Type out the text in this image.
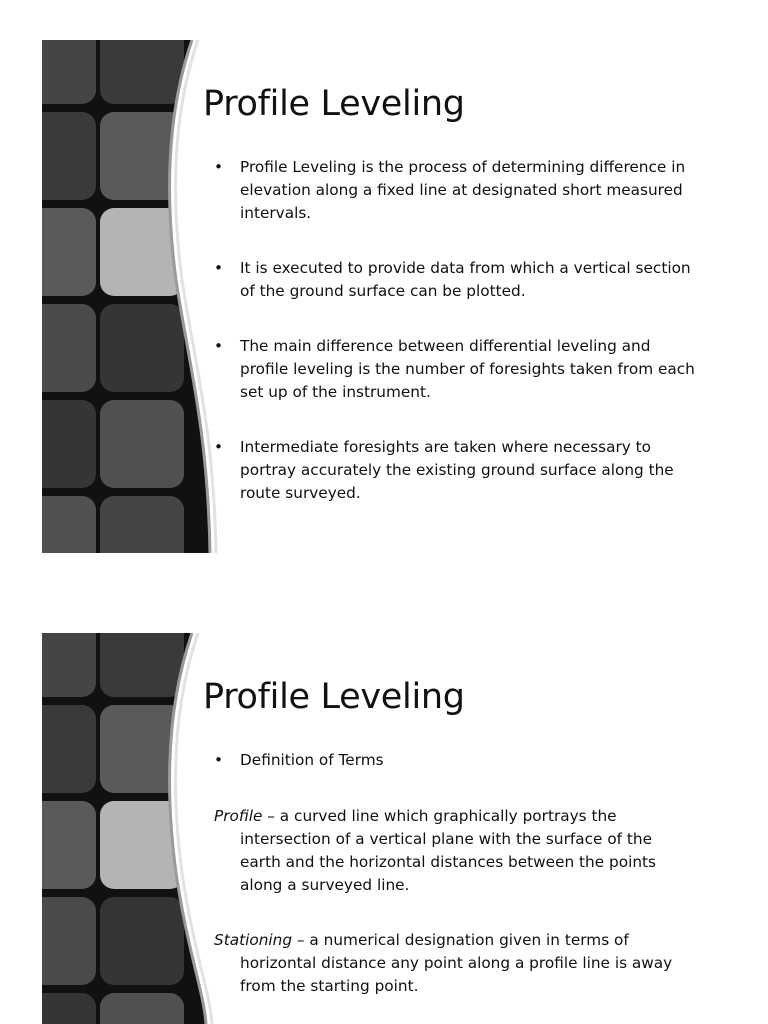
Profile Leveling
•	Profile Leveling is the process of determining difference in
elevation along a fixed line at designated short measured
intervals.
•	It is executed to provide data from which a vertical section
of the ground surface can be plotted.
•	The main difference between differential leveling and
profile leveling is the number of foresights taken from each
set up of the instrument.
•	Intermediate foresights are taken where necessary to
portray accurately the existing ground surface along the
route surveyed.
Profile Leveling
•	Definition of Terms
Profile – a curved line which graphically portrays the
intersection of a vertical plane with the surface of the
earth and the horizontal distances between the points
along a surveyed line.
Stationing – a numerical designation given in terms of
horizontal distance any point along a profile line is away
from the starting point.
